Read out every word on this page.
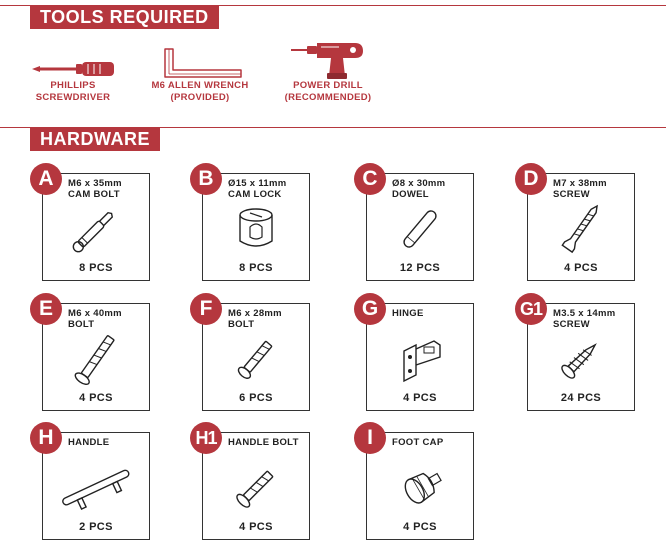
TOOLS REQUIRED
PHILLIPS
SCREWDRIVER
M6 ALLEN WRENCH
(PROVIDED)
POWER DRILL
(RECOMMENDED)
HARDWARE
A	M6 x 35mm
CAM BOLT
8 PCS
B	Ø15 x 11mm
CAM LOCK
8 PCS
C	Ø8 x 30mm
DOWEL
12 PCS
D	M7 x 38mm
SCREW
4 PCS
E	M6 x 40mm
BOLT
4 PCS
F	M6 x 28mm
BOLT
6 PCS
G	HINGE
4 PCS
G1	M3.5 x 14mm
SCREW
24 PCS
H	HANDLE
2 PCS
H1	HANDLE BOLT
4 PCS
I	FOOT CAP
4 PCS
